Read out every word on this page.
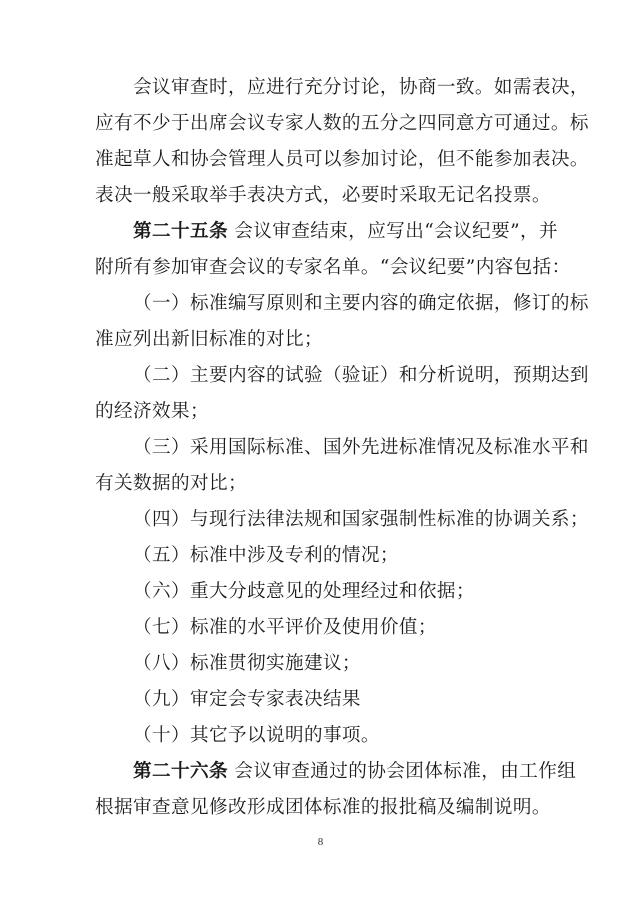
会议审查时，应进行充分讨论，协商一致。如需表决，
应有不少于出席会议专家人数的五分之四同意方可通过。标
准起草人和协会管理人员可以参加讨论，但不能参加表决。
表决一般采取举手表决方式，必要时采取无记名投票。
第二十五条 会议审查结束，应写出“会议纪要”，并
附所有参加审查会议的专家名单。“会议纪要”内容包括：
（一）标准编写原则和主要内容的确定依据，修订的标
准应列出新旧标准的对比；
（二）主要内容的试验（验证）和分析说明，预期达到
的经济效果；
（三）采用国际标准、国外先进标准情况及标准水平和
有关数据的对比；
（四）与现行法律法规和国家强制性标准的协调关系；
（五）标准中涉及专利的情况；
（六）重大分歧意见的处理经过和依据；
（七）标准的水平评价及使用价值；
（八）标准贯彻实施建议；
（九）审定会专家表决结果
（十）其它予以说明的事项。
第二十六条 会议审查通过的协会团体标准，由工作组
根据审查意见修改形成团体标准的报批稿及编制说明。
8
